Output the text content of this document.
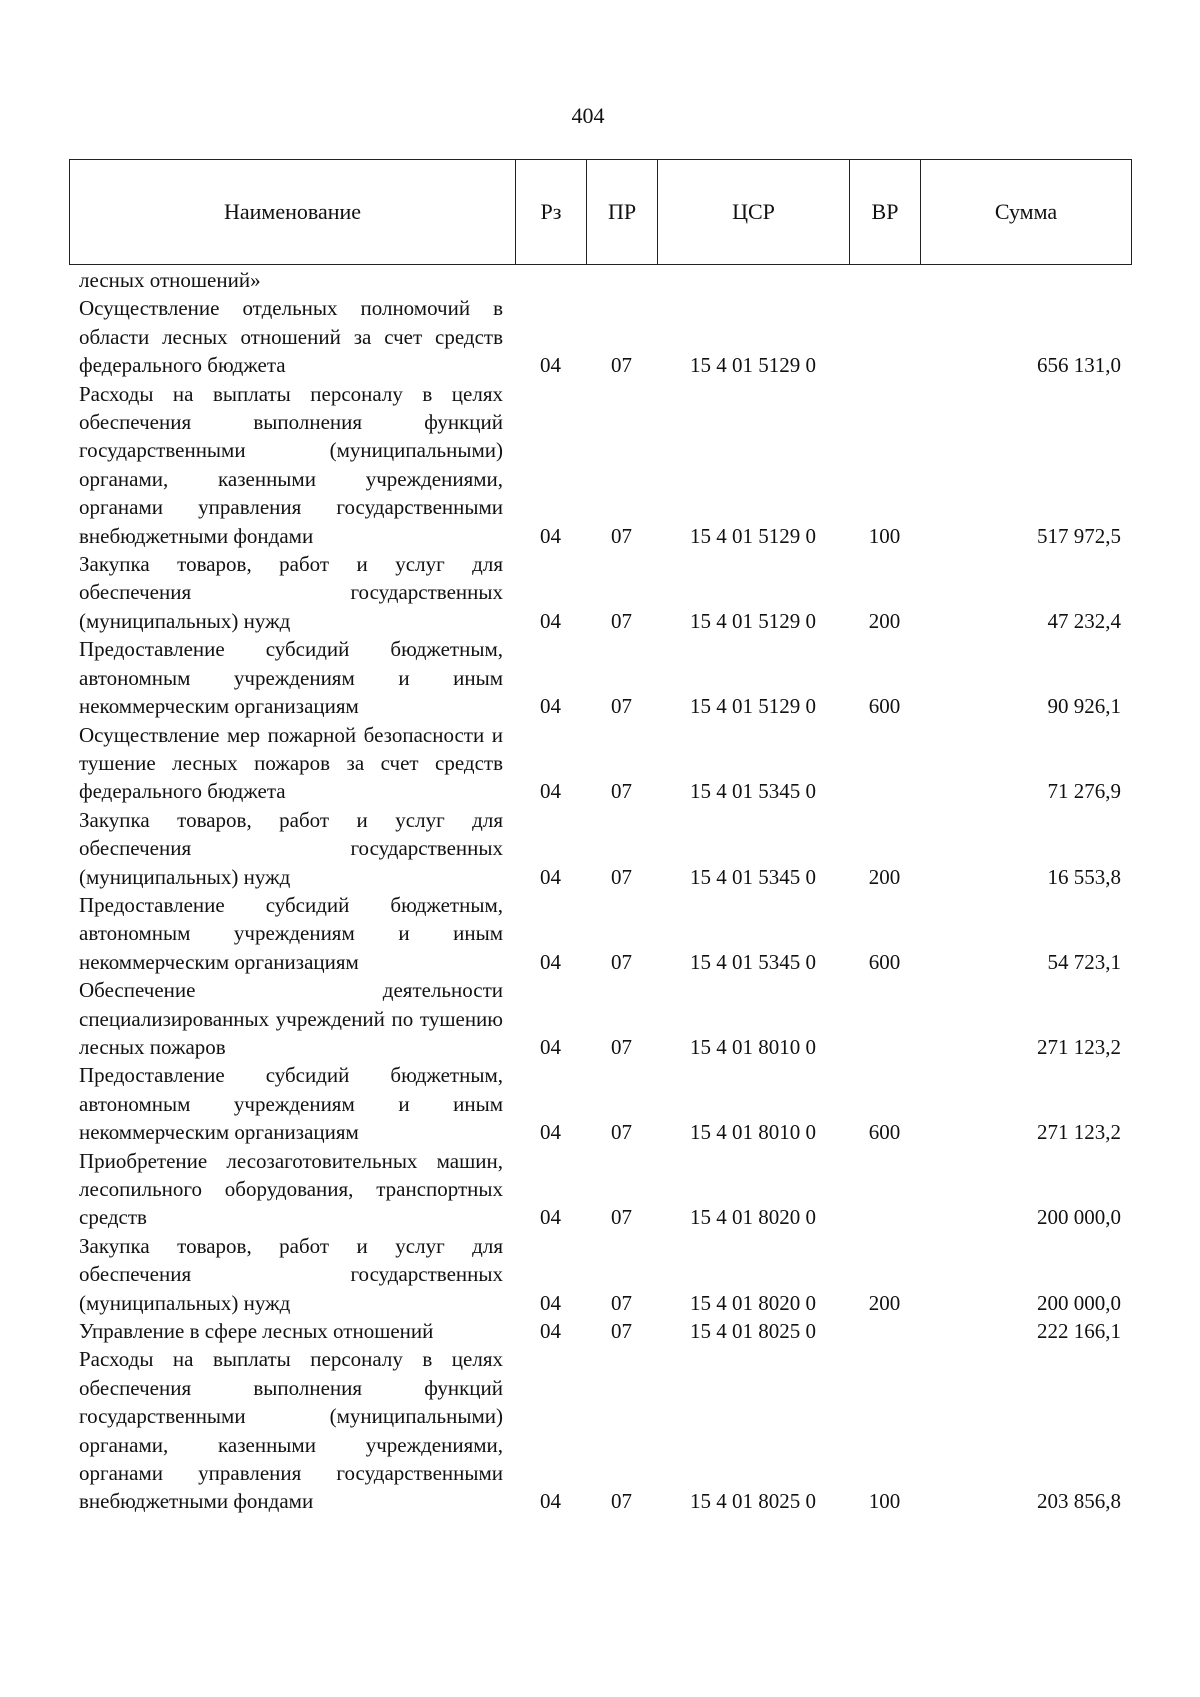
404
Наименование	Рз	ПР	ЦСР	ВР	Сумма
лесных отношений»					
Осуществление отдельных полномочий в области лесных отношений за счет средств федерального бюджета	04	07	15 4 01 5129 0		656 131,0
Расходы на выплаты персоналу в целях обеспечения выполнения функций государственными (муниципальными) органами, казенными учреждениями, органами управления государственными внебюджетными фондами	04	07	15 4 01 5129 0	100	517 972,5
Закупка товаров, работ и услуг для обеспечения государственных (муниципальных) нужд	04	07	15 4 01 5129 0	200	47 232,4
Предоставление субсидий бюджетным, автономным учреждениям и иным некоммерческим организациям	04	07	15 4 01 5129 0	600	90 926,1
Осуществление мер пожарной безопасности и тушение лесных пожаров за счет средств федерального бюджета	04	07	15 4 01 5345 0		71 276,9
Закупка товаров, работ и услуг для обеспечения государственных (муниципальных) нужд	04	07	15 4 01 5345 0	200	16 553,8
Предоставление субсидий бюджетным, автономным учреждениям и иным некоммерческим организациям	04	07	15 4 01 5345 0	600	54 723,1
Обеспечение деятельности специализированных учреждений по тушению лесных пожаров	04	07	15 4 01 8010 0		271 123,2
Предоставление субсидий бюджетным, автономным учреждениям и иным некоммерческим организациям	04	07	15 4 01 8010 0	600	271 123,2
Приобретение лесозаготовительных машин, лесопильного оборудования, транспортных средств	04	07	15 4 01 8020 0		200 000,0
Закупка товаров, работ и услуг для обеспечения государственных (муниципальных) нужд	04	07	15 4 01 8020 0	200	200 000,0
Управление в сфере лесных отношений	04	07	15 4 01 8025 0		222 166,1
Расходы на выплаты персоналу в целях обеспечения выполнения функций государственными (муниципальными) органами, казенными учреждениями, органами управления государственными внебюджетными фондами	04	07	15 4 01 8025 0	100	203 856,8
